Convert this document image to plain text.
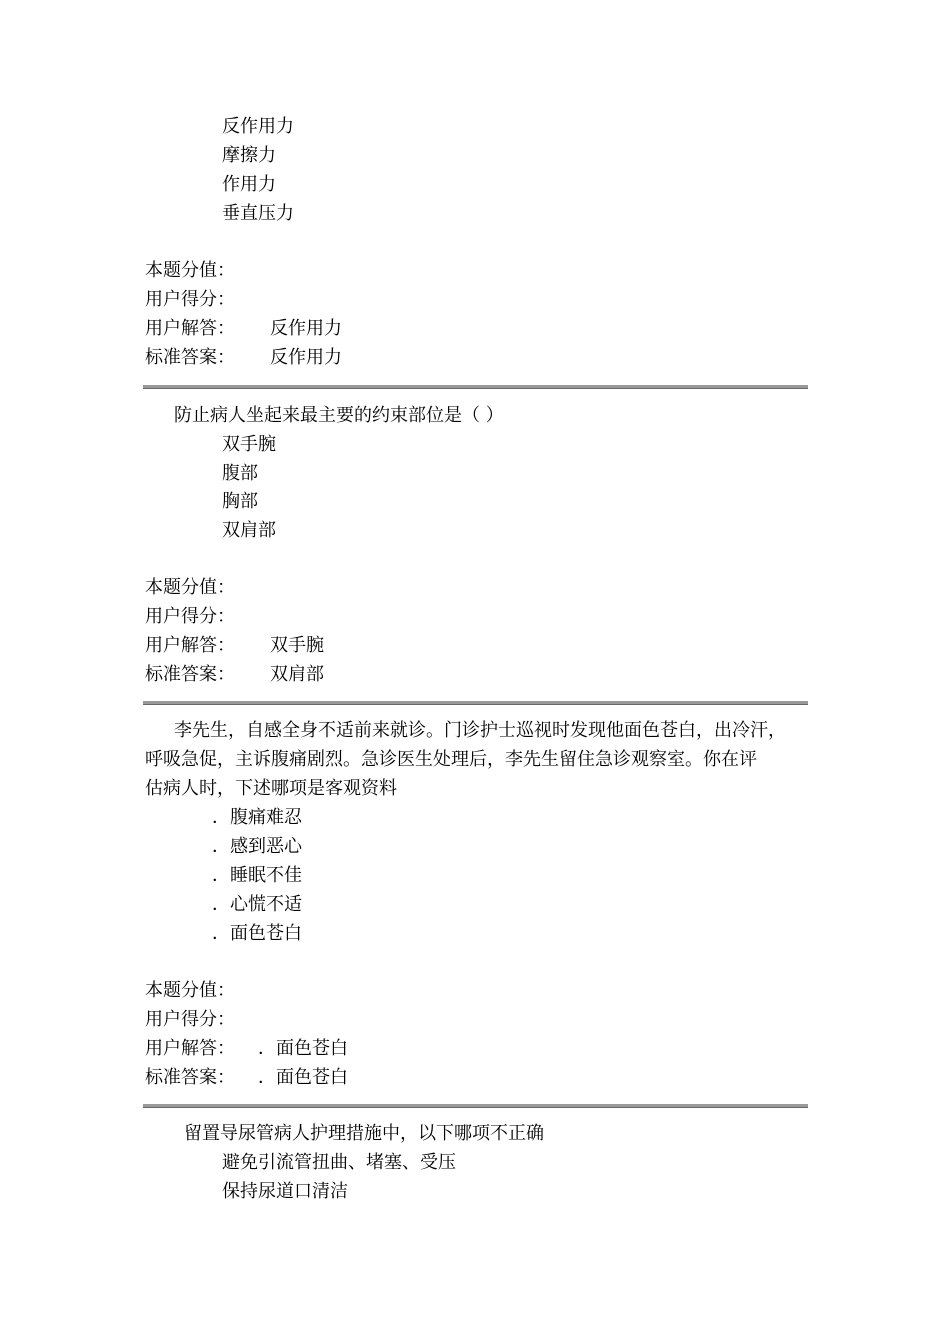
反作用力
摩擦力
作用力
垂直压力
本题分值：
用户得分：
用户解答： 反作用力
标准答案： 反作用力
防止病人坐起来最主要的约束部位是（ ）
双手腕
腹部
胸部
双肩部
本题分值：
用户得分：
用户解答： 双手腕
标准答案： 双肩部
李先生，自感全身不适前来就诊。门诊护士巡视时发现他面色苍白，出冷汗，
呼吸急促，主诉腹痛剧烈。急诊医生处理后，李先生留住急诊观察室。你在评
估病人时，下述哪项是客观资料
．腹痛难忍
．感到恶心
．睡眠不佳
．心慌不适
．面色苍白
本题分值：
用户得分：
用户解答： ．面色苍白
标准答案： ．面色苍白
留置导尿管病人护理措施中，以下哪项不正确
避免引流管扭曲、堵塞、受压
保持尿道口清洁
